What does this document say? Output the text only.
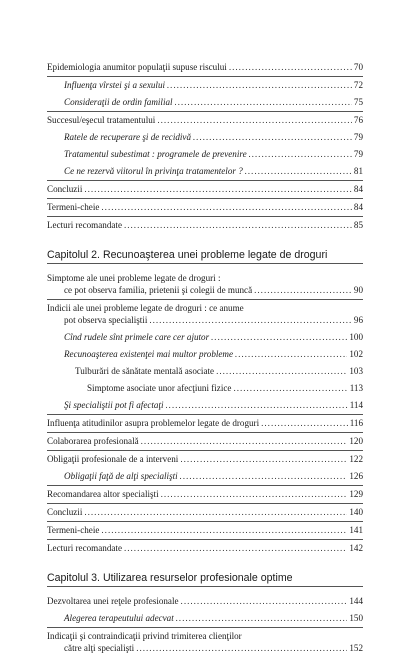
Epidemiologia anumitor populaţii supuse riscului .....	70
Influenţa vîrstei şi a sexului .....	72
Consideraţii de ordin familial .....	75
Succesul/eşecul tratamentului .....	76
Ratele de recuperare şi de recidivă .....	79
Tratamentul subestimat : programele de prevenire .....	79
Ce ne rezervă viitorul în privinţa tratamentelor ? .....	81
Concluzii .....	84
Termeni-cheie .....	84
Lecturi recomandate .....	85
Capitolul 2. Recunoaşterea unei probleme legate de droguri
Simptome ale unei probleme legate de droguri :
ce pot observa familia, prietenii şi colegii de muncă .....	90
Indicii ale unei probleme legate de droguri : ce anume
pot observa specialiştii .....	96
Cînd rudele sînt primele care cer ajutor .....	100
Recunoaşterea existenţei mai multor probleme .....	102
Tulburări de sănătate mentală asociate .....	103
Simptome asociate unor afecţiuni fizice .....	113
Şi specialiştii pot fi afectaţi .....	114
Influenţa atitudinilor asupra problemelor legate de droguri .....	116
Colaborarea profesională .....	120
Obligaţii profesionale de a interveni .....	122
Obligaţii faţă de alţi specialişti .....	126
Recomandarea altor specialişti .....	129
Concluzii .....	140
Termeni-cheie .....	141
Lecturi recomandate .....	142
Capitolul 3. Utilizarea resurselor profesionale optime
Dezvoltarea unei reţele profesionale .....	144
Alegerea terapeutului adecvat .....	150
Indicaţii şi contraindicaţii privind trimiterea clienţilor
către alţi specialişti .....	152
